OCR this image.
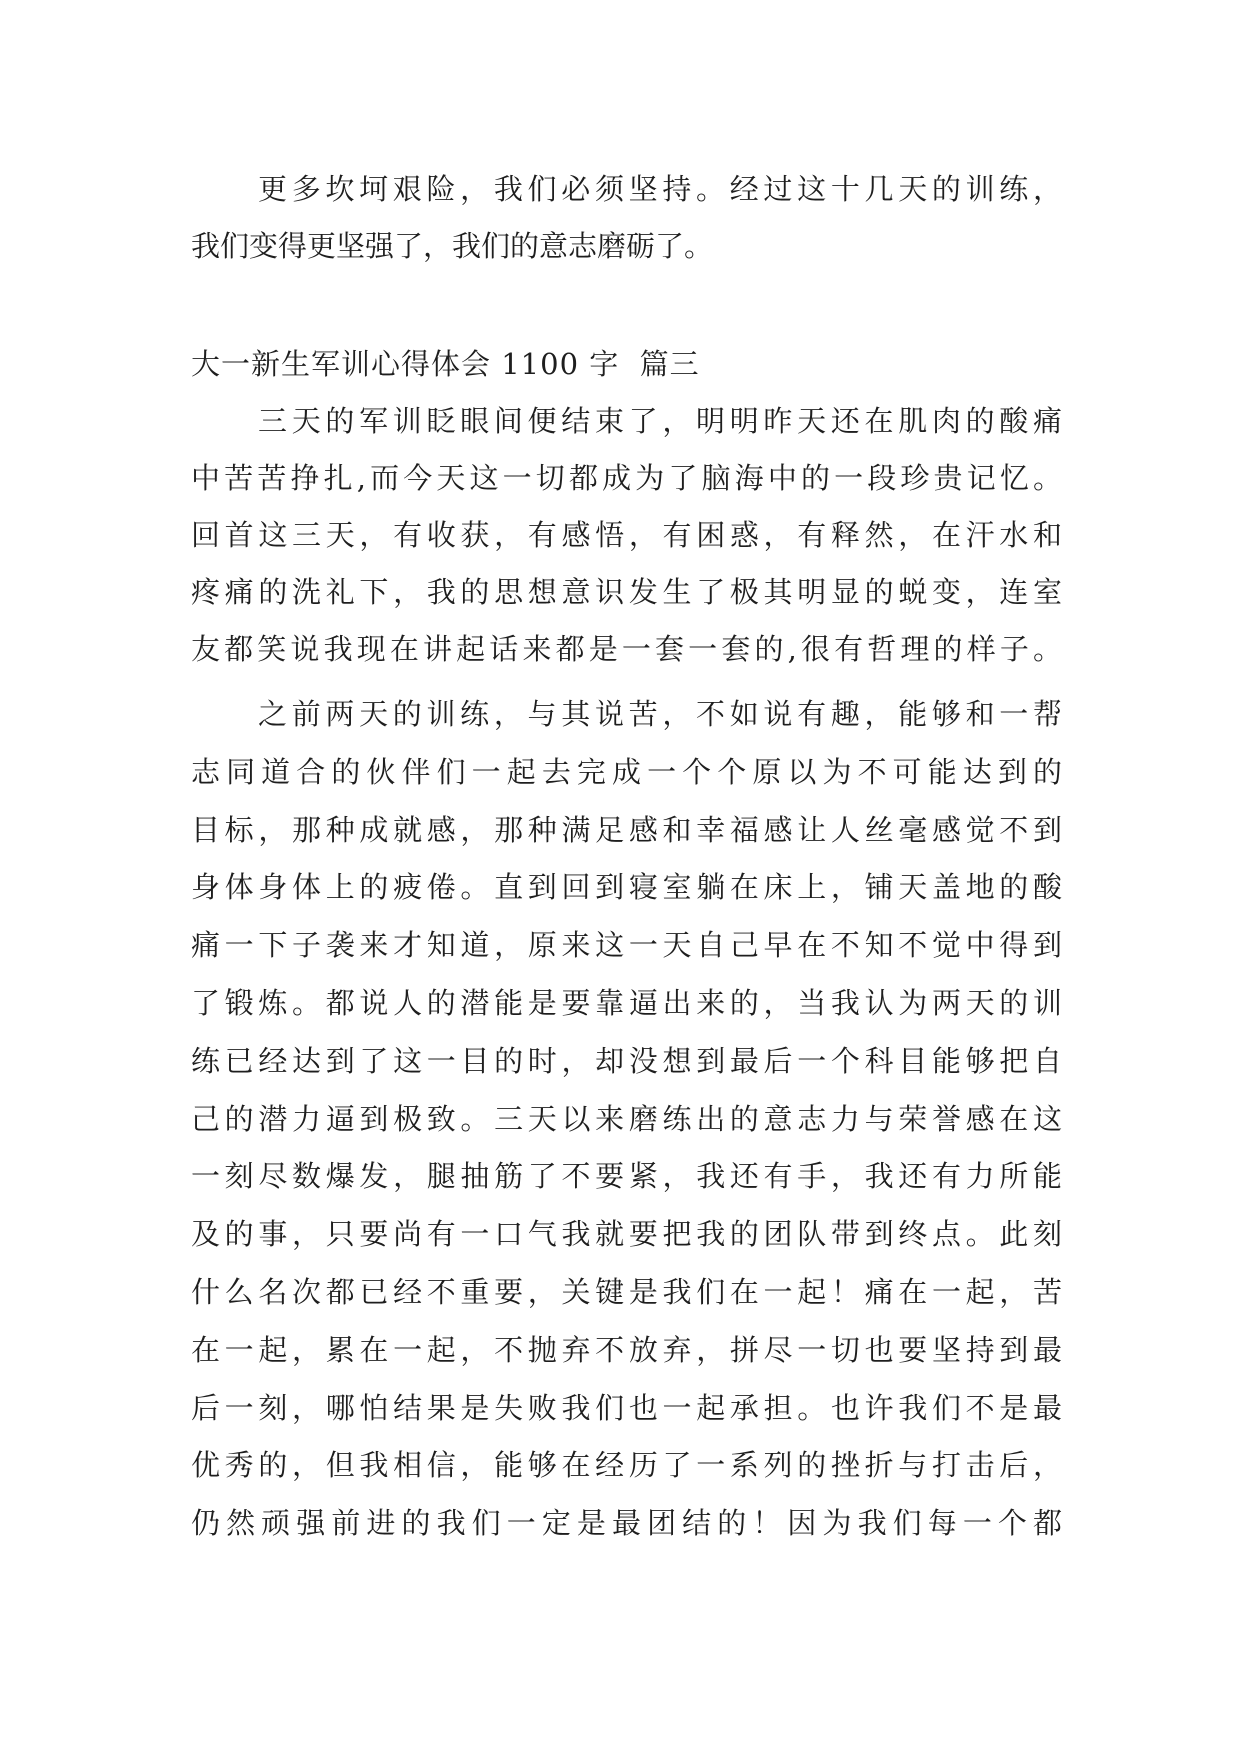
更多坎坷艰险，我们必须坚持。经过这十几天的训练，
我们变得更坚强了，我们的意志磨砺了。
大一新生军训心得体会 1100 字  篇三
三天的军训眨眼间便结束了，明明昨天还在肌肉的酸痛
中苦苦挣扎,而今天这一切都成为了脑海中的一段珍贵记忆。
回首这三天，有收获，有感悟，有困惑，有释然，在汗水和
疼痛的洗礼下，我的思想意识发生了极其明显的蜕变，连室
友都笑说我现在讲起话来都是一套一套的,很有哲理的样子。
之前两天的训练，与其说苦，不如说有趣，能够和一帮
志同道合的伙伴们一起去完成一个个原以为不可能达到的
目标，那种成就感，那种满足感和幸福感让人丝毫感觉不到
身体身体上的疲倦。直到回到寝室躺在床上，铺天盖地的酸
痛一下子袭来才知道，原来这一天自己早在不知不觉中得到
了锻炼。都说人的潜能是要靠逼出来的，当我认为两天的训
练已经达到了这一目的时，却没想到最后一个科目能够把自
己的潜力逼到极致。三天以来磨练出的意志力与荣誉感在这
一刻尽数爆发，腿抽筋了不要紧，我还有手，我还有力所能
及的事，只要尚有一口气我就要把我的团队带到终点。此刻
什么名次都已经不重要，关键是我们在一起！痛在一起，苦
在一起，累在一起，不抛弃不放弃，拼尽一切也要坚持到最
后一刻，哪怕结果是失败我们也一起承担。也许我们不是最
优秀的，但我相信，能够在经历了一系列的挫折与打击后，
仍然顽强前进的我们一定是最团结的！因为我们每一个都
